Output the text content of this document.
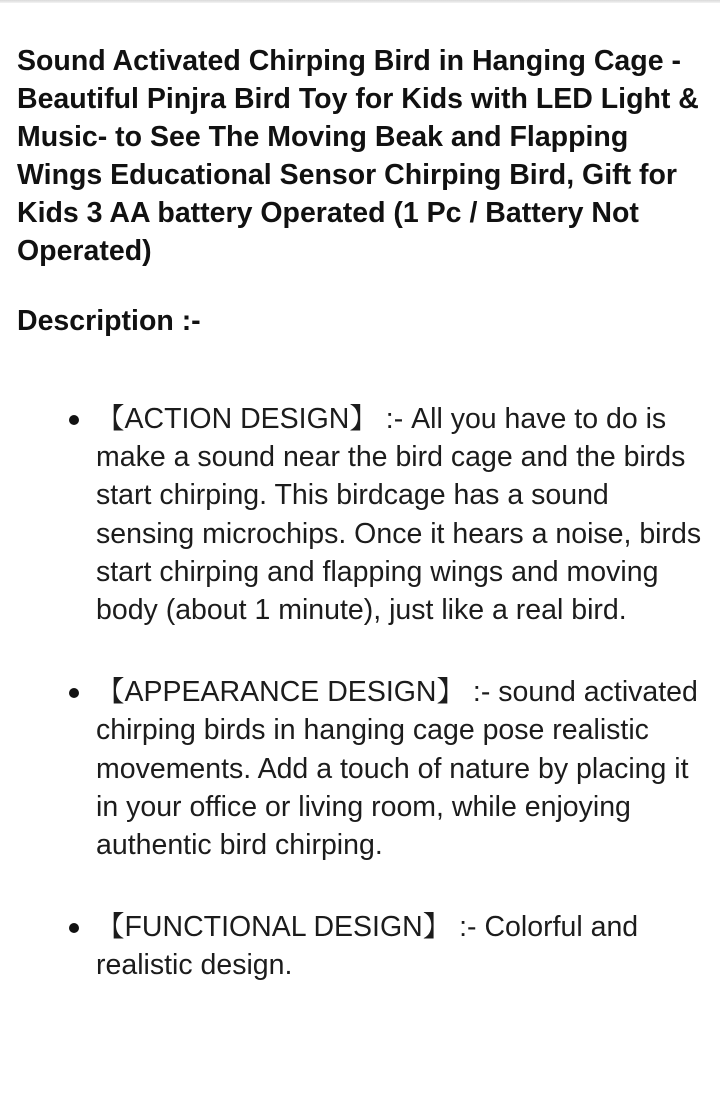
Sound Activated Chirping Bird in Hanging Cage - Beautiful Pinjra Bird Toy for Kids with LED Light & Music- to See The Moving Beak and Flapping Wings Educational Sensor Chirping Bird, Gift for Kids 3 AA battery Operated (1 Pc / Battery Not Operated)
Description :-
【ACTION DESIGN】 :- All you have to do is make a sound near the bird cage and the birds start chirping. This birdcage has a sound sensing microchips. Once it hears a noise, birds start chirping and flapping wings and moving body (about 1 minute), just like a real bird.
【APPEARANCE DESIGN】 :- sound activated chirping birds in hanging cage pose realistic movements. Add a touch of nature by placing it in your office or living room, while enjoying authentic bird chirping.
【FUNCTIONAL DESIGN】 :- Colorful and realistic design.
